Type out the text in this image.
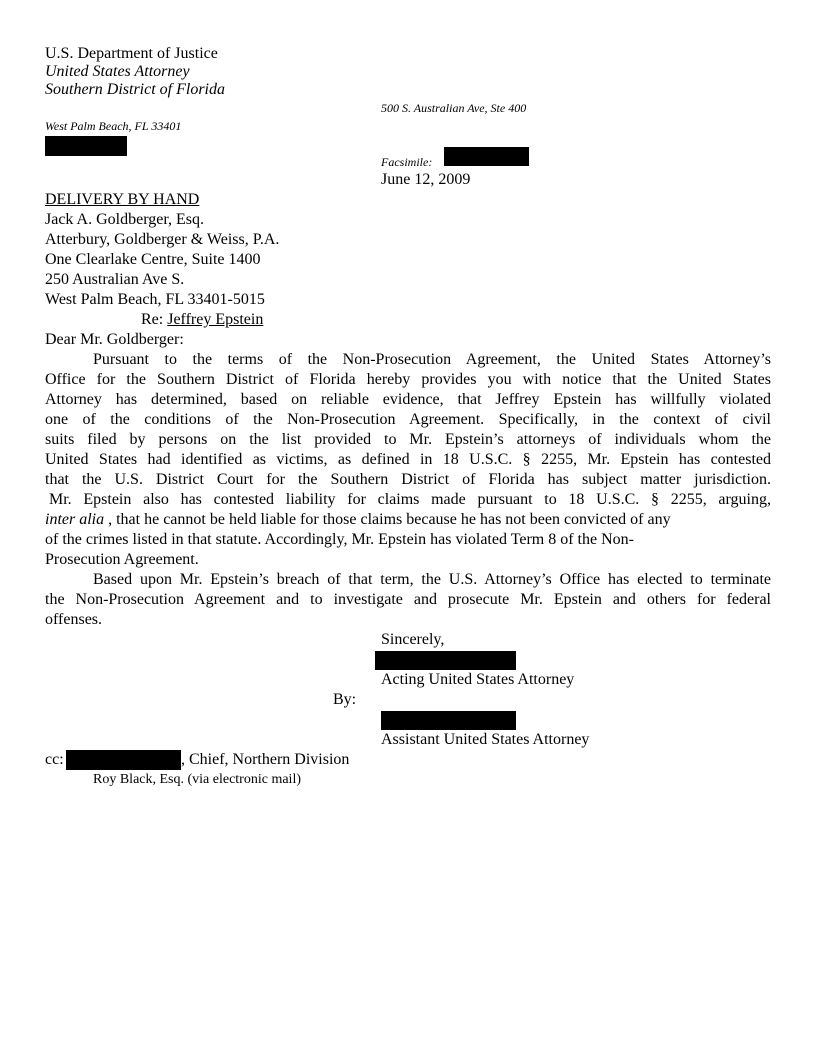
U.S. Department of Justice
United States Attorney
Southern District of Florida
500 S. Australian Ave, Ste 400
West Palm Beach, FL 33401
Facsimile:
June 12, 2009
DELIVERY BY HAND
Jack A. Goldberger, Esq.
Atterbury, Goldberger & Weiss, P.A.
One Clearlake Centre, Suite 1400
250 Australian Ave S.
West Palm Beach, FL 33401-5015
Re: Jeffrey Epstein
Dear Mr. Goldberger:
Pursuant to the terms of the Non-Prosecution Agreement, the United States Attorney’s
Office for the Southern District of Florida hereby provides you with notice that the United States
Attorney has determined, based on reliable evidence, that Jeffrey Epstein has willfully violated
one of the conditions of the Non-Prosecution Agreement. Specifically, in the context of civil
suits filed by persons on the list provided to Mr. Epstein’s attorneys of individuals whom the
United States had identified as victims, as defined in 18 U.S.C. § 2255, Mr. Epstein has contested
that the U.S. District Court for the Southern District of Florida has subject matter jurisdiction.
Mr. Epstein also has contested liability for claims made pursuant to 18 U.S.C. § 2255, arguing,
inter alia , that he cannot be held liable for those claims because he has not been convicted of any
of the crimes listed in that statute. Accordingly, Mr. Epstein has violated Term 8 of the Non-
Prosecution Agreement.
Based upon Mr. Epstein’s breach of that term, the U.S. Attorney’s Office has elected to terminate
the Non-Prosecution Agreement and to investigate and prosecute Mr. Epstein and others for federal
offenses.
Sincerely,
Acting United States Attorney
By:
Assistant United States Attorney
cc:	, Chief, Northern Division
Roy Black, Esq. (via electronic mail)
